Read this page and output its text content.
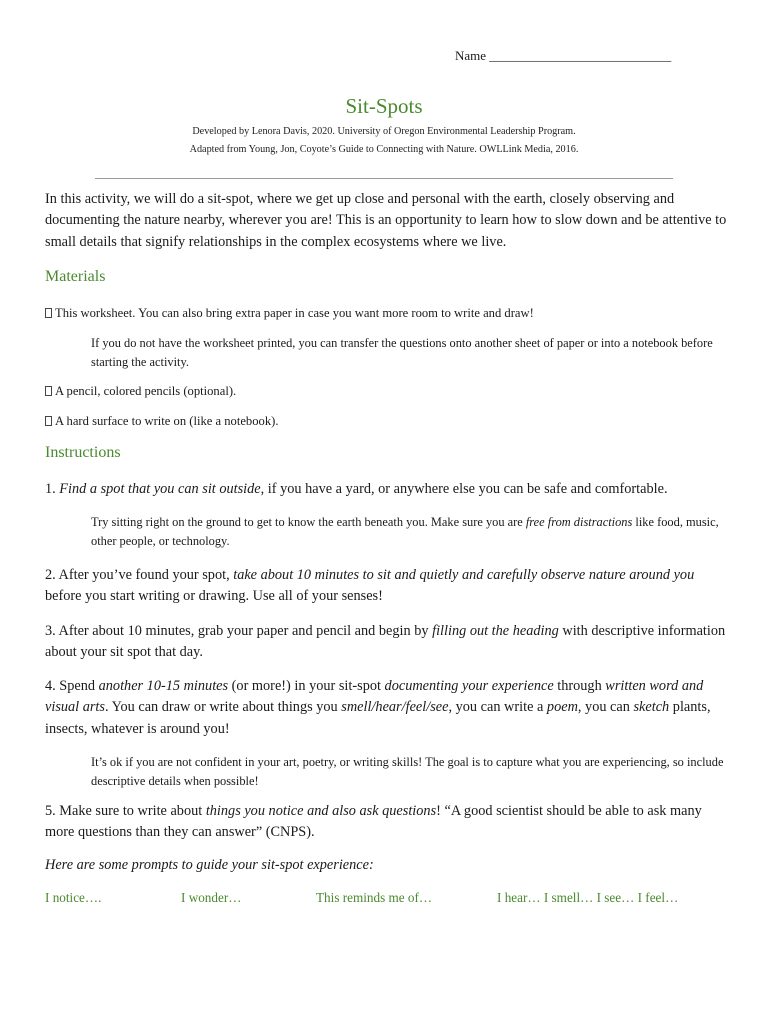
Name ____________________________
Sit-Spots
Developed by Lenora Davis, 2020. University of Oregon Environmental Leadership Program.
Adapted from Young, Jon, Coyote’s Guide to Connecting with Nature. OWLLink Media, 2016.
In this activity, we will do a sit-spot, where we get up close and personal with the earth, closely observing and documenting the nature nearby, wherever you are! This is an opportunity to learn how to slow down and be attentive to small details that signify relationships in the complex ecosystems where we live.
Materials
This worksheet. You can also bring extra paper in case you want more room to write and draw!
If you do not have the worksheet printed, you can transfer the questions onto another sheet of paper or into a notebook before starting the activity.
A pencil, colored pencils (optional).
A hard surface to write on (like a notebook).
Instructions
1. Find a spot that you can sit outside, if you have a yard, or anywhere else you can be safe and comfortable.
Try sitting right on the ground to get to know the earth beneath you. Make sure you are free from distractions like food, music, other people, or technology.
2. After you’ve found your spot, take about 10 minutes to sit and quietly and carefully observe nature around you before you start writing or drawing. Use all of your senses!
3. After about 10 minutes, grab your paper and pencil and begin by filling out the heading with descriptive information about your sit spot that day.
4. Spend another 10-15 minutes (or more!) in your sit-spot documenting your experience through written word and visual arts. You can draw or write about things you smell/hear/feel/see, you can write a poem, you can sketch plants, insects, whatever is around you!
It’s ok if you are not confident in your art, poetry, or writing skills! The goal is to capture what you are experiencing, so include descriptive details when possible!
5. Make sure to write about things you notice and also ask questions! “A good scientist should be able to ask many more questions than they can answer” (CNPS).
Here are some prompts to guide your sit-spot experience:
I notice….	I wonder…	This reminds me of…	I hear… I smell… I see… I feel…
